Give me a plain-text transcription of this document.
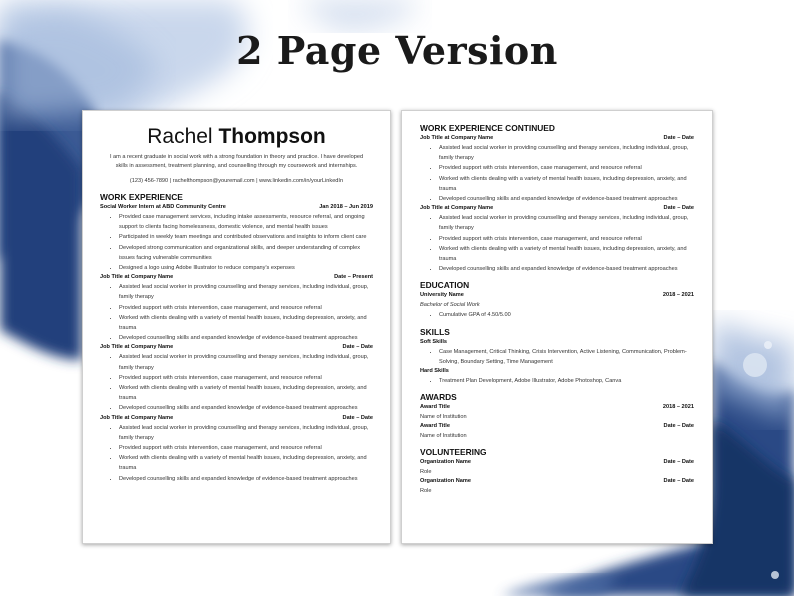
2 Page Version
Rachel Thompson
I am a recent graduate in social work with a strong foundation in theory and practice. I have developed skills in assessment, treatment planning, and counselling through my coursework and internships.
(123) 456-7890 | rachelthompson@youremail.com | www.linkedin.com/in/yourLinkedIn
WORK EXPERIENCE
Social Worker Intern at ABD Community Centre	Jan 2018 – Jun 2019
• Provided case management services, including intake assessments, resource referral, and ongoing support to clients facing homelessness, domestic violence, and mental health issues
• Participated in weekly team meetings and contributed observations and insights to inform client care
• Developed strong communication and organizational skills, and deeper understanding of complex issues facing vulnerable communities
• Designed a logo using Adobe Illustrator to reduce company's expenses
Job Title at Company Name	Date – Present
• Assisted lead social worker in providing counselling and therapy services, including individual, group, family therapy
• Provided support with crisis intervention, case management, and resource referral
• Worked with clients dealing with a variety of mental health issues, including depression, anxiety, and trauma
• Developed counselling skills and expanded knowledge of evidence-based treatment approaches
Job Title at Company Name	Date – Date
• Assisted lead social worker in providing counselling and therapy services, including individual, group, family therapy
• Provided support with crisis intervention, case management, and resource referral
• Worked with clients dealing with a variety of mental health issues, including depression, anxiety, and trauma
• Developed counselling skills and expanded knowledge of evidence-based treatment approaches
Job Title at Company Name	Date – Date
• Assisted lead social worker in providing counselling and therapy services, including individual, group, family therapy
• Provided support with crisis intervention, case management, and resource referral
• Worked with clients dealing with a variety of mental health issues, including depression, anxiety, and trauma
• Developed counselling skills and expanded knowledge of evidence-based treatment approaches
WORK EXPERIENCE CONTINUED
Job Title at Company Name	Date – Date
• Assisted lead social worker in providing counselling and therapy services, including individual, group, family therapy
• Provided support with crisis intervention, case management, and resource referral
• Worked with clients dealing with a variety of mental health issues, including depression, anxiety, and trauma
• Developed counselling skills and expanded knowledge of evidence-based treatment approaches
Job Title at Company Name	Date – Date
• Assisted lead social worker in providing counselling and therapy services, including individual, group, family therapy
• Provided support with crisis intervention, case management, and resource referral
• Worked with clients dealing with a variety of mental health issues, including depression, anxiety, and trauma
• Developed counselling skills and expanded knowledge of evidence-based treatment approaches
EDUCATION
University Name	2018 – 2021
Bachelor of Social Work
• Cumulative GPA of 4.50/5.00
SKILLS
Soft Skills
• Case Management, Critical Thinking, Crisis Intervention, Active Listening, Communication, Problem-Solving, Boundary Setting, Time Management
Hard Skills
• Treatment Plan Development, Adobe Illustrator, Adobe Photoshop, Canva
AWARDS
Award Title	2018 – 2021
Name of Institution
Award Title	Date – Date
Name of Institution
VOLUNTEERING
Organization Name	Date – Date
Role
Organization Name	Date – Date
Role
